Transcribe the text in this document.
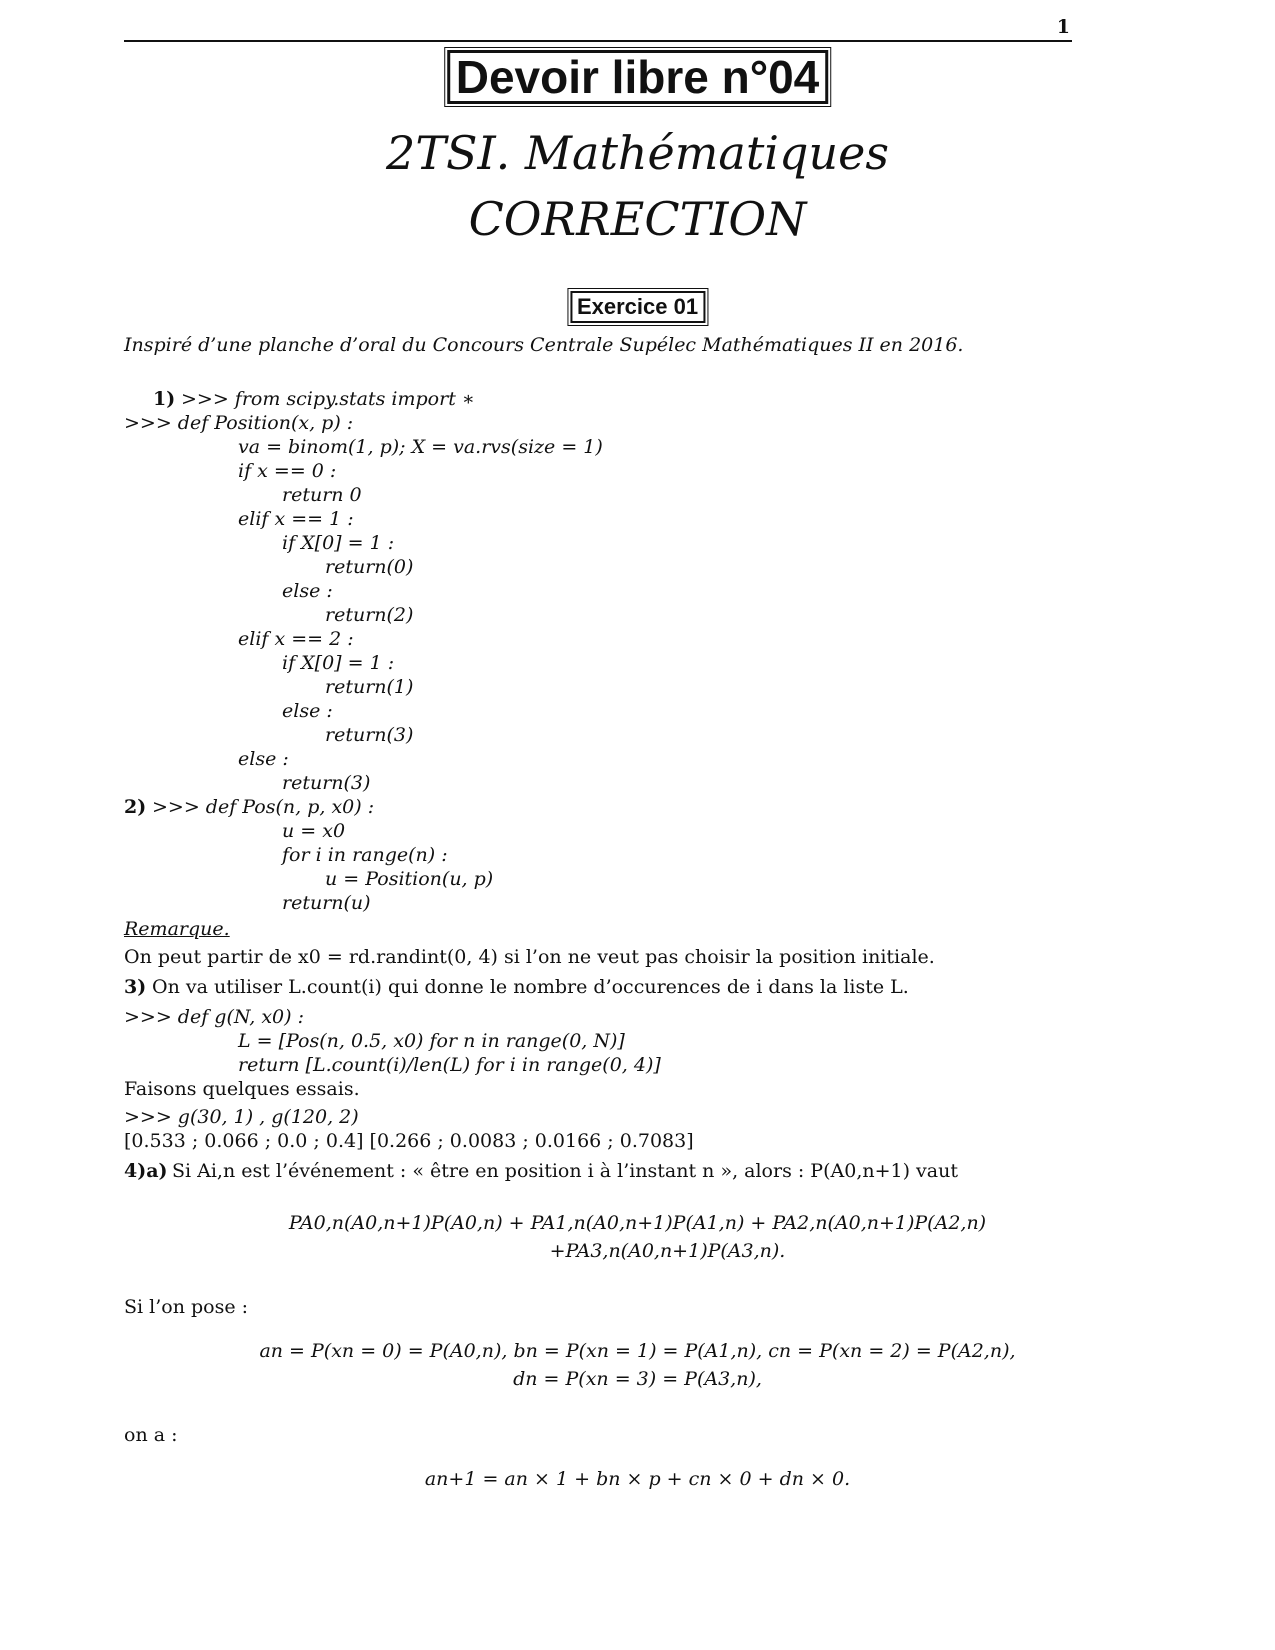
1
Devoir libre n°04
2TSI. Mathématiques
CORRECTION
Exercice 01
Inspiré d’une planche d’oral du Concours Centrale Supélec Mathématiques II en 2016.
1) >>> from scipy.stats import ∗
>>> def Position(x, p) :
va = binom(1, p); X = va.rvs(size = 1)
if x == 0 :
return 0
elif x == 1 :
if X[0] = 1 :
return(0)
else :
return(2)
elif x == 2 :
if X[0] = 1 :
return(1)
else :
return(3)
else :
return(3)
2) >>> def Pos(n, p, x0) :
u = x0
for i in range(n) :
u = Position(u, p)
return(u)
Remarque.
On peut partir de x0 = rd.randint(0, 4) si l’on ne veut pas choisir la position initiale.
3) On va utiliser L.count(i) qui donne le nombre d’occurences de i dans la liste L.
>>> def g(N, x0) :
L = [Pos(n, 0.5, x0) for n in range(0, N)]
return [L.count(i)/len(L) for i in range(0, 4)]
Faisons quelques essais.
>>> g(30, 1) , g(120, 2)
[0.533 ; 0.066 ; 0.0 ; 0.4] [0.266 ; 0.0083 ; 0.0166 ; 0.7083]
4)a) Si Ai,n est l’événement : « être en position i à l’instant n », alors : P(A0,n+1) vaut
PA0,n(A0,n+1)P(A0,n) + PA1,n(A0,n+1)P(A1,n) + PA2,n(A0,n+1)P(A2,n)
+PA3,n(A0,n+1)P(A3,n).
Si l’on pose :
an = P(xn = 0) = P(A0,n), bn = P(xn = 1) = P(A1,n), cn = P(xn = 2) = P(A2,n),
dn = P(xn = 3) = P(A3,n),
on a :
an+1 = an × 1 + bn × p + cn × 0 + dn × 0.
